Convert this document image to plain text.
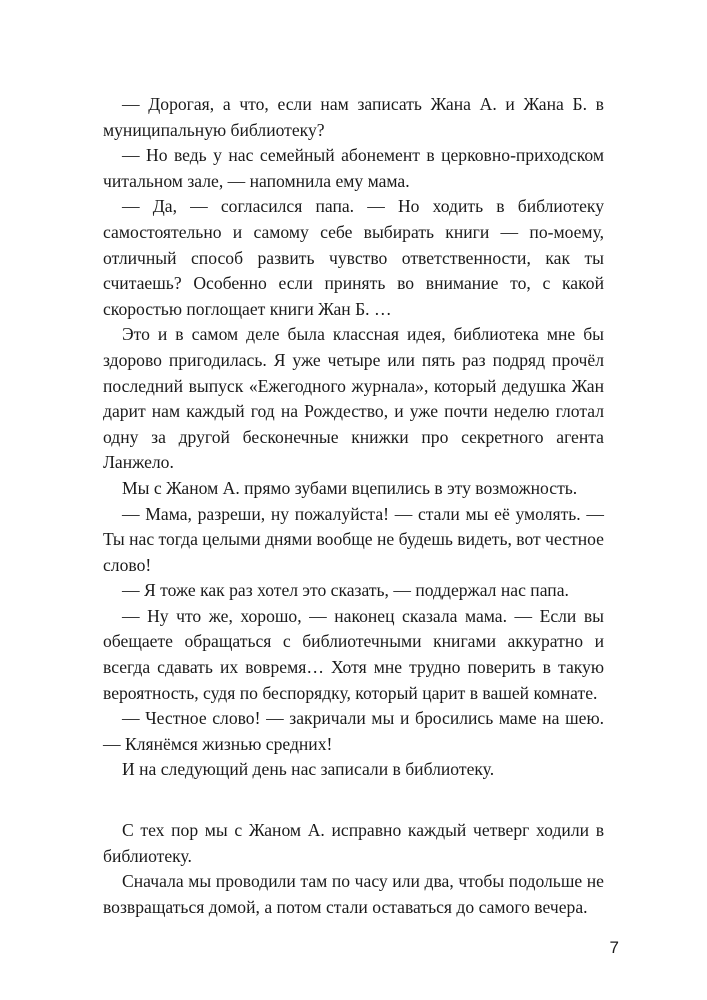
— Дорогая, а что, если нам записать Жана А. и Жана Б. в муниципальную библиотеку?

— Но ведь у нас семейный абонемент в церковно-приходском читальном зале, — напомнила ему мама.

— Да, — согласился папа. — Но ходить в библиотеку самостоятельно и самому себе выбирать книги — по-моему, отличный способ развить чувство ответственности, как ты считаешь? Особенно если принять во внимание то, с какой скоростью поглощает книги Жан Б. …

Это и в самом деле была классная идея, библиотека мне бы здорово пригодилась. Я уже четыре или пять раз подряд прочёл последний выпуск «Ежегодного журнала», который дедушка Жан дарит нам каждый год на Рождество, и уже почти неделю глотал одну за другой бесконечные книжки про секретного агента Ланжело.

Мы с Жаном А. прямо зубами вцепились в эту возможность.

— Мама, разреши, ну пожалуйста! — стали мы её умолять. — Ты нас тогда целыми днями вообще не будешь видеть, вот честное слово!

— Я тоже как раз хотел это сказать, — поддержал нас папа.

— Ну что же, хорошо, — наконец сказала мама. — Если вы обещаете обращаться с библиотечными книгами аккуратно и всегда сдавать их вовремя… Хотя мне трудно поверить в такую вероятность, судя по беспорядку, который царит в вашей комнате.

— Честное слово! — закричали мы и бросились маме на шею. — Клянёмся жизнью средних!

И на следующий день нас записали в библиотеку.

С тех пор мы с Жаном А. исправно каждый четверг ходили в библиотеку.

Сначала мы проводили там по часу или два, чтобы подольше не возвращаться домой, а потом стали оставаться до самого вечера.

7
